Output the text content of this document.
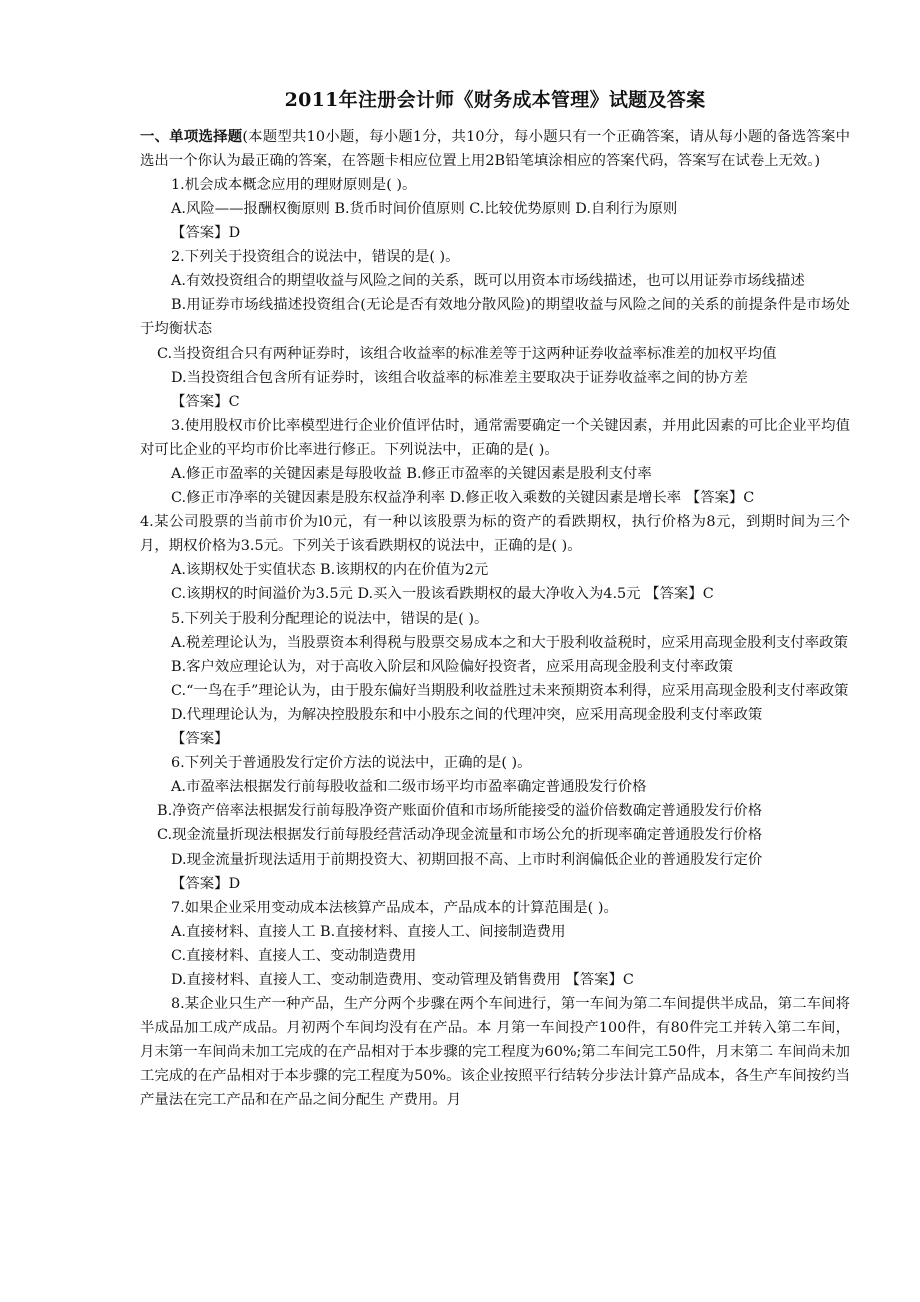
2011年注册会计师《财务成本管理》试题及答案

一、单项选择题(本题型共10小题，每小题1分，共10分，每小题只有一个正确答案，请从每小题的备选答案中选出一个你认为最正确的答案，在答题卡相应位置上用2B铅笔填涂相应的答案代码，答案写在试卷上无效。)

1.机会成本概念应用的理财原则是( )。

A.风险——报酬权衡原则 B.货币时间价值原则 C.比较优势原则 D.自利行为原则

【答案】D

2.下列关于投资组合的说法中，错误的是( )。

A.有效投资组合的期望收益与风险之间的关系，既可以用资本市场线描述，也可以用证券市场线描述

B.用证券市场线描述投资组合(无论是否有效地分散风险)的期望收益与风险之间的关系的前提条件是市场处于均衡状态

C.当投资组合只有两种证券时，该组合收益率的标准差等于这两种证券收益率标准差的加权平均值

D.当投资组合包含所有证券时，该组合收益率的标准差主要取决于证券收益率之间的协方差

【答案】C

3.使用股权市价比率模型进行企业价值评估时，通常需要确定一个关键因素，并用此因素的可比企业平均值对可比企业的平均市价比率进行修正。下列说法中，正确的是( )。

A.修正市盈率的关键因素是每股收益 B.修正市盈率的关键因素是股利支付率

C.修正市净率的关键因素是股东权益净利率 D.修正收入乘数的关键因素是增长率 【答案】C

4.某公司股票的当前市价为l0元，有一种以该股票为标的资产的看跌期权，执行价格为8元，到期时间为三个月，期权价格为3.5元。下列关于该看跌期权的说法中，正确的是( )。

A.该期权处于实值状态 B.该期权的内在价值为2元

C.该期权的时间溢价为3.5元 D.买入一股该看跌期权的最大净收入为4.5元 【答案】C

5.下列关于股利分配理论的说法中，错误的是( )。

A.税差理论认为，当股票资本利得税与股票交易成本之和大于股利收益税时，应采用高现金股利支付率政策

B.客户效应理论认为，对于高收入阶层和风险偏好投资者，应采用高现金股利支付率政策

C.“一鸟在手”理论认为，由于股东偏好当期股利收益胜过未来预期资本利得，应采用高现金股利支付率政策

D.代理理论认为，为解决控股股东和中小股东之间的代理冲突，应采用高现金股利支付率政策

【答案】

6.下列关于普通股发行定价方法的说法中，正确的是( )。

A.市盈率法根据发行前每股收益和二级市场平均市盈率确定普通股发行价格

B.净资产倍率法根据发行前每股净资产账面价值和市场所能接受的溢价倍数确定普通股发行价格

C.现金流量折现法根据发行前每股经营活动净现金流量和市场公允的折现率确定普通股发行价格

D.现金流量折现法适用于前期投资大、初期回报不高、上市时利润偏低企业的普通股发行定价

【答案】D

7.如果企业采用变动成本法核算产品成本，产品成本的计算范围是( )。

A.直接材料、直接人工 B.直接材料、直接人工、间接制造费用

C.直接材料、直接人工、变动制造费用

D.直接材料、直接人工、变动制造费用、变动管理及销售费用 【答案】C

8.某企业只生产一种产品，生产分两个步骤在两个车间进行，第一车间为第二车间提供半成品，第二车间将半成品加工成产成品。月初两个车间均没有在产品。本 月第一车间投产100件，有80件完工并转入第二车间，月末第一车间尚未加工完成的在产品相对于本步骤的完工程度为60%;第二车间完工50件，月末第二 车间尚未加工完成的在产品相对于本步骤的完工程度为50%。该企业按照平行结转分步法计算产品成本，各生产车间按约当产量法在完工产品和在产品之间分配生 产费用。月
